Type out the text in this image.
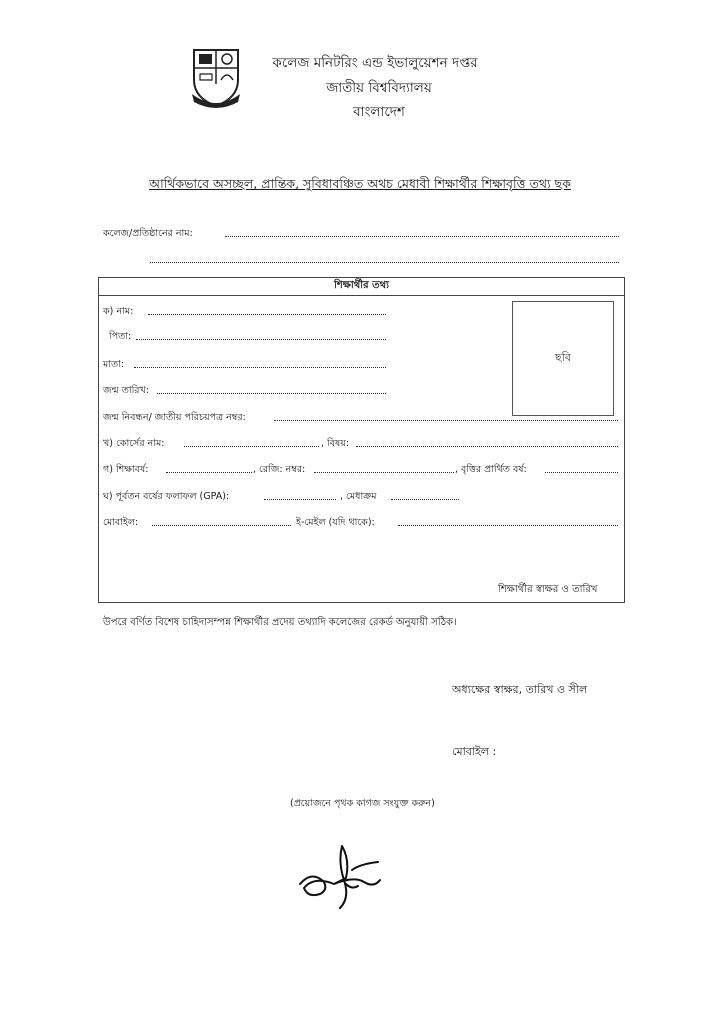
কলেজ মনিটরিং এন্ড ইভালুয়েশন দপ্তর
জাতীয় বিশ্ববিদ্যালয়
বাংলাদেশ
আর্থিকভাবে অসচ্ছল, প্রান্তিক, সুবিধাবঞ্চিত অথচ মেধাবী শিক্ষার্থীর শিক্ষাবৃত্তি তথ্য ছক
কলেজ/প্রতিষ্ঠানের নাম:
শিক্ষার্থীর তথ্য
ছবি
ক) নাম:
পিতা:
মাতা:
জন্ম তারিখ:
জন্ম নিবন্ধন/ জাতীয় পরিচয়পত্র নম্বর:
খ) কোর্সের নাম:	, বিষয়:
গ) শিক্ষাবর্ষ:	, রেজি: নম্বর:	, বৃত্তির প্রার্থিত বর্ষ:
ঘ) পূর্বতন বর্ষের ফলাফল (GPA):	, মেধাক্রম
মোবাইল:	ই-মেইল (যদি থাকে):
শিক্ষার্থীর স্বাক্ষর ও তারিখ
উপরে বর্ণিত বিশেষ চাহিদাসম্পন্ন শিক্ষার্থীর প্রদেয় তথ্যাদি কলেজের রেকর্ড অনুযায়ী সঠিক।
অধ্যক্ষের স্বাক্ষর, তারিখ ও সীল
মোবাইল :
(প্রয়োজনে পৃথক কাগজ সংযুক্ত করুন)
